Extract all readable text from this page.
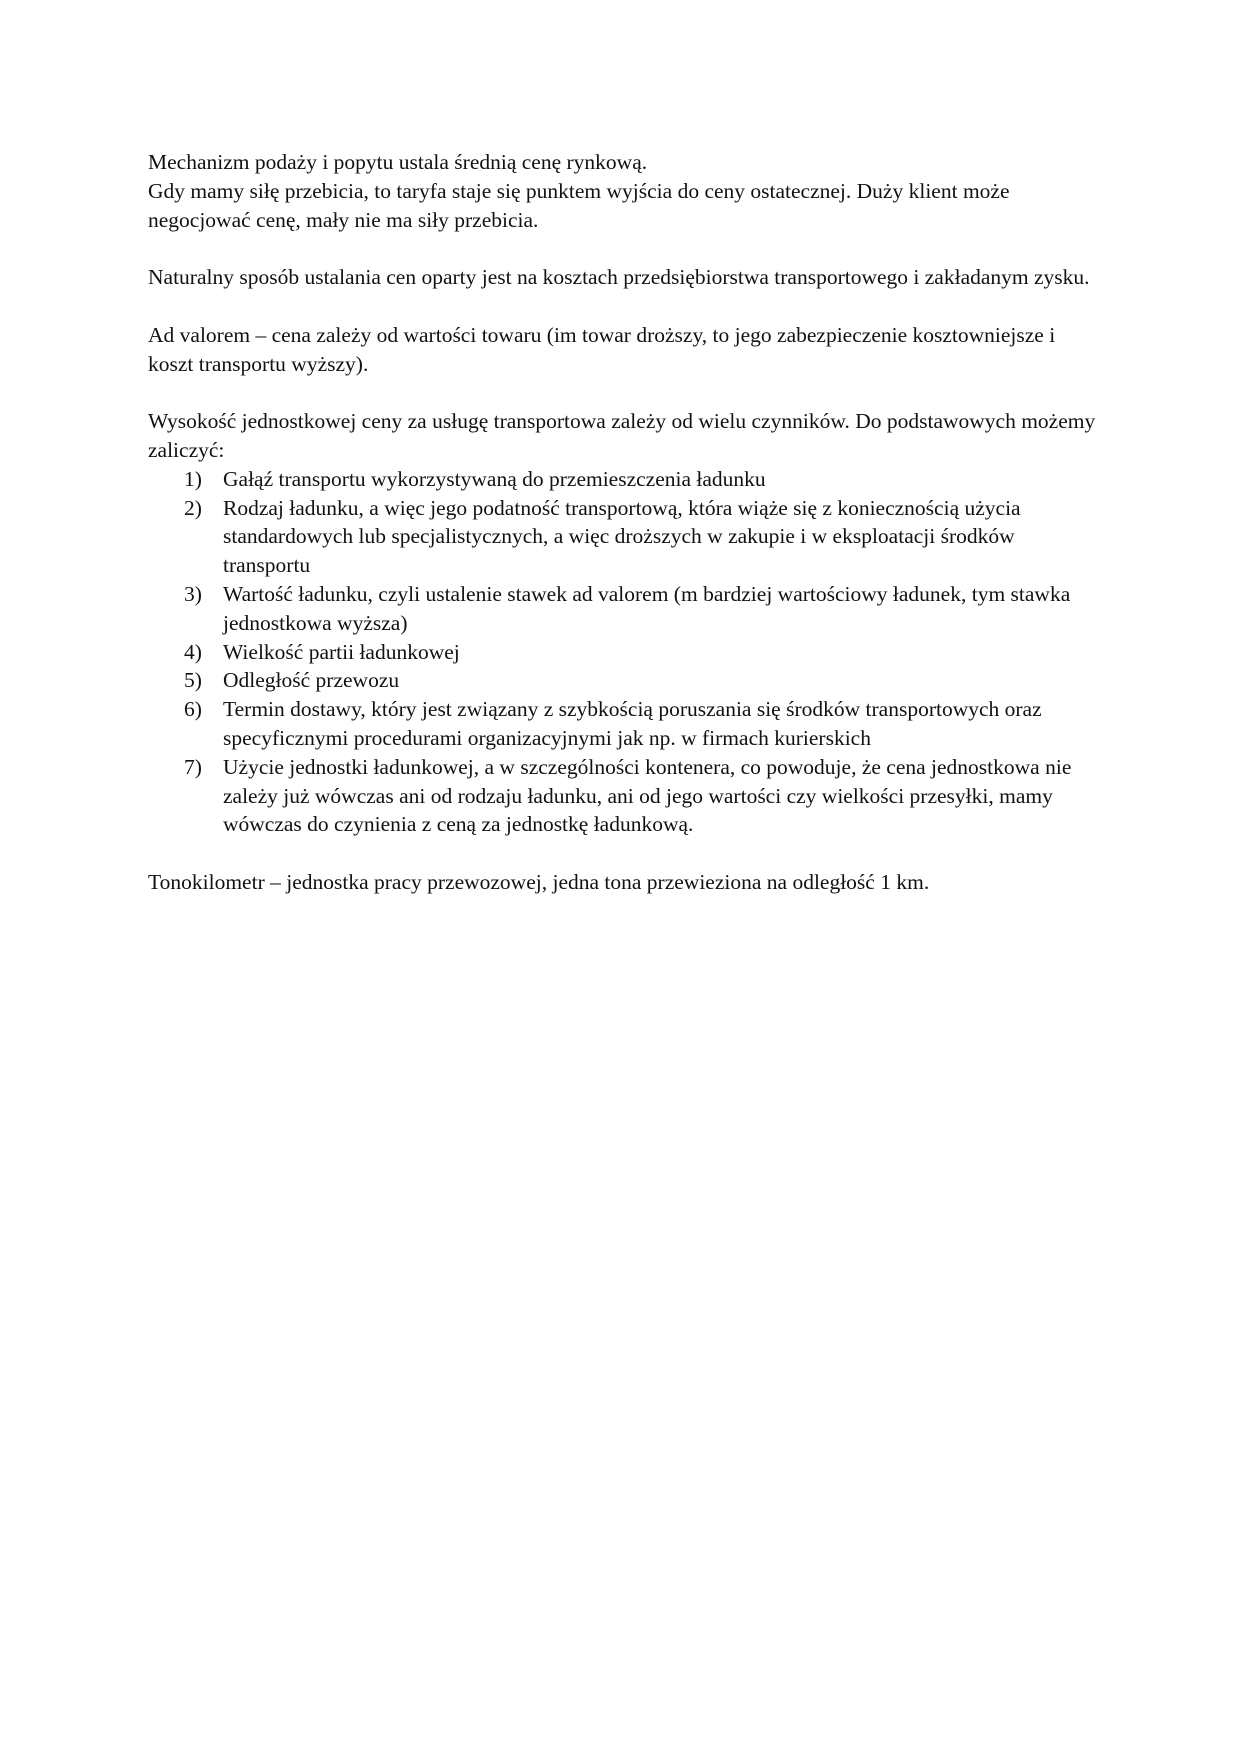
Mechanizm podaży i popytu ustala średnią cenę rynkową.

Gdy mamy siłę przebicia, to taryfa staje się punktem wyjścia do ceny ostatecznej. Duży klient może negocjować cenę, mały nie ma siły przebicia.

Naturalny sposób ustalania cen oparty jest na kosztach przedsiębiorstwa transportowego i zakładanym zysku.

Ad valorem – cena zależy od wartości towaru (im towar droższy, to jego zabezpieczenie kosztowniejsze i koszt transportu wyższy).

Wysokość jednostkowej ceny za usługę transportowa zależy od wielu czynników. Do podstawowych możemy zaliczyć:

1) Gałąź transportu wykorzystywaną do przemieszczenia ładunku
2) Rodzaj ładunku, a więc jego podatność transportową, która wiąże się z koniecznością użycia standardowych lub specjalistycznych, a więc droższych w zakupie i w eksploatacji środków transportu
3) Wartość ładunku, czyli ustalenie stawek ad valorem (m bardziej wartościowy ładunek, tym stawka jednostkowa wyższa)
4) Wielkość partii ładunkowej
5) Odległość przewozu
6) Termin dostawy, który jest związany z szybkością poruszania się środków transportowych oraz specyficznymi procedurami organizacyjnymi jak np. w firmach kurierskich
7) Użycie jednostki ładunkowej, a w szczególności kontenera, co powoduje, że cena jednostkowa nie zależy już wówczas ani od rodzaju ładunku, ani od jego wartości czy wielkości przesyłki, mamy wówczas do czynienia z ceną za jednostkę ładunkową.

Tonokilometr – jednostka pracy przewozowej, jedna tona przewieziona na odległość 1 km.
